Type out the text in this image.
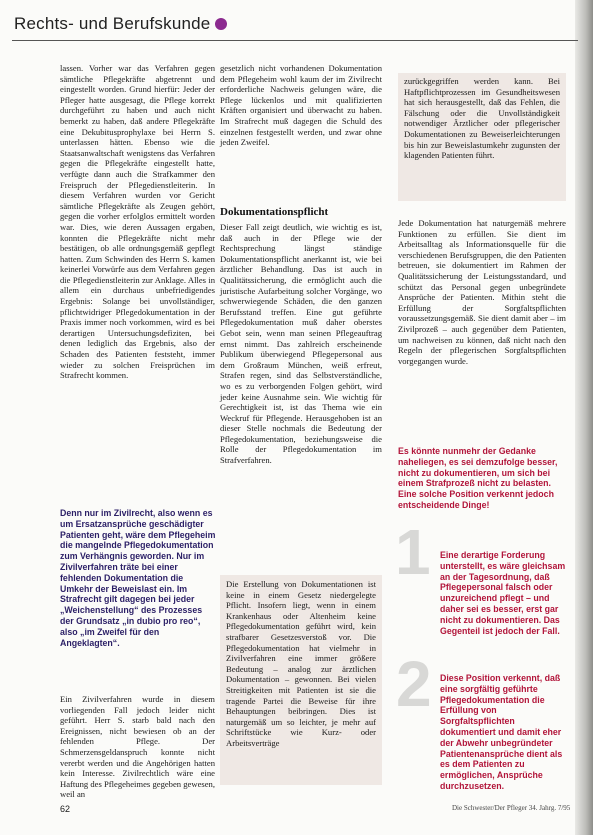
Rechts- und Berufskunde

lassen. Vorher war das Verfahren gegen sämtliche Pflegekräfte abgetrennt und eingestellt worden. Grund hierfür: Jeder der Pfleger hatte ausgesagt, die Pflege korrekt durchgeführt zu haben und auch nicht bemerkt zu haben, daß andere Pflegekräfte eine Dekubitusprophylaxe bei Herrn S. unterlassen hätten. Ebenso wie die Staatsanwaltschaft wenigstens das Verfahren gegen die Pflegekräfte eingestellt hatte, verfügte dann auch die Strafkammer den Freispruch der Pflegedienstleiterin. In diesem Verfahren wurden vor Gericht sämtliche Pflegekräfte als Zeugen gehört, gegen die vorher erfolglos ermittelt worden war. Dies, wie deren Aussagen ergaben, konnten die Pflegekräfte nicht mehr bestätigen, ob alle ordnungsgemäß gepflegt hatten. Zum Schwinden des Herrn S. kamen keinerlei Vorwürfe aus dem Verfahren gegen die Pflegedienstleiterin zur Anklage. Alles in allem ein durchaus unbefriedigendes Ergebnis: Solange bei unvollständiger, pflichtwidriger Pflegedokumentation in der Praxis immer noch vorkommen, wird es bei derartigen Untersuchungsdefiziten, bei denen lediglich das Ergebnis, also der Schaden des Patienten feststeht, immer wieder zu solchen Freisprüchen im Strafrecht kommen.

Denn nur im Zivilrecht, also wenn es um Ersatzansprüche geschädigter Patienten geht, wäre dem Pflegeheim die mangelnde Pflegedokumentation zum Verhängnis geworden. Nur im Zivilverfahren träte bei einer fehlenden Dokumentation die Umkehr der Beweislast ein. Im Strafrecht gilt dagegen bei jeder „Weichenstellung“ des Prozesses der Grundsatz „in dubio pro reo“, also „im Zweifel für den Angeklagten“.

Ein Zivilverfahren wurde in diesem vorliegenden Fall jedoch leider nicht geführt. Herr S. starb bald nach den Ereignissen, nicht bewiesen ob an der fehlenden Pflege. Der Schmerzensgeldanspruch konnte nicht vererbt werden und die Angehörigen hatten kein Interesse. Zivilrechtlich wäre eine Haftung des Pflegeheimes gegeben gewesen, weil an

gesetzlich nicht vorhandenen Dokumentation dem Pflegeheim wohl kaum der im Zivilrecht erforderliche Nachweis gelungen wäre, die Pflege lückenlos und mit qualifizierten Kräften organisiert und überwacht zu haben. Im Strafrecht muß dagegen die Schuld des einzelnen festgestellt werden, und zwar ohne jeden Zweifel.

Dokumentationspflicht

Dieser Fall zeigt deutlich, wie wichtig es ist, daß auch in der Pflege wie der Rechtsprechung längst ständige Dokumentationspflicht anerkannt ist, wie bei ärztlicher Behandlung. Das ist auch in Qualitätssicherung, die ermöglicht auch die juristische Aufarbeitung solcher Vorgänge, wo schwerwiegende Schäden, die den ganzen Berufsstand treffen. Eine gut geführte Pflegedokumentation muß daher oberstes Gebot sein, wenn man seinen Pflegeauftrag ernst nimmt. Das zahlreich erscheinende Publikum überwiegend Pflegepersonal aus dem Großraum München, weiß erfreut, Strafen regen, sind das Selbstverständliche, wo es zu verborgenden Folgen gehört, wird jeder keine Ausnahme sein. Wie wichtig für Gerechtigkeit ist, ist das Thema wie ein Weckruf für Pflegende. Herausgehoben ist an dieser Stelle nochmals die Bedeutung der Pflegedokumentation, beziehungsweise die Rolle der Pflegedokumentation im Strafverfahren.

Die Erstellung von Dokumentationen ist keine in einem Gesetz niedergelegte Pflicht. Insofern liegt, wenn in einem Krankenhaus oder Altenheim keine Pflegedokumentation geführt wird, kein strafbarer Gesetzesverstoß vor. Die Pflegedokumentation hat vielmehr in Zivilverfahren eine immer größere Bedeutung – analog zur ärztlichen Dokumentation – gewonnen. Bei vielen Streitigkeiten mit Patienten ist sie die tragende Partei die Beweise für ihre Behauptungen beibringen. Dies ist naturgemäß um so leichter, je mehr auf Schriftstücke wie Kurz- oder Arbeitsverträge
zurückgegriffen werden kann. Bei Haftpflichtprozessen im Gesundheitswesen hat sich herausgestellt, daß das Fehlen, die Fälschung oder die Unvollständigkeit notwendiger Ärztlicher oder pflegerischer Dokumentationen zu Beweiserleichterungen bis hin zur Beweislastumkehr zugunsten der klagenden Patienten führt.

Jede Dokumentation hat naturgemäß mehrere Funktionen zu erfüllen. Sie dient im Arbeitsalltag als Informationsquelle für die verschiedenen Berufsgruppen, die den Patienten betreuen, sie dokumentiert im Rahmen der Qualitätssicherung der Leistungsstandard, und schützt das Personal gegen unbegründete Ansprüche der Patienten. Mithin steht die Erfüllung der Sorgfaltspflichten voraussetzungsgemäß. Sie dient damit aber – im Zivilprozeß – auch gegenüber dem Patienten, um nachweisen zu können, daß nicht nach den Regeln der pflegerischen Sorgfaltspflichten vorgegangen wurde.

Es könnte nunmehr der Gedanke naheliegen, es sei demzufolge besser, nicht zu dokumentieren, um sich bei einem Strafprozeß nicht zu belasten. Eine solche Position verkennt jedoch entscheidende Dinge!
1 Eine derartige Forderung unterstellt, es wäre gleichsam an der Tagesordnung, daß Pflegepersonal falsch oder unzureichend pflegt – und daher sei es besser, erst gar nicht zu dokumentieren. Das Gegenteil ist jedoch der Fall.
2 Diese Position verkennt, daß eine sorgfältig geführte Pflegedokumentation die Erfüllung von Sorgfaltspflichten dokumentiert und damit eher der Abwehr unbegründeter Patientenansprüche dient als es dem Patienten zu ermöglichen, Ansprüche durchzusetzen.
62	Die Schwester/Der Pfleger 34. Jahrg. 7/95
